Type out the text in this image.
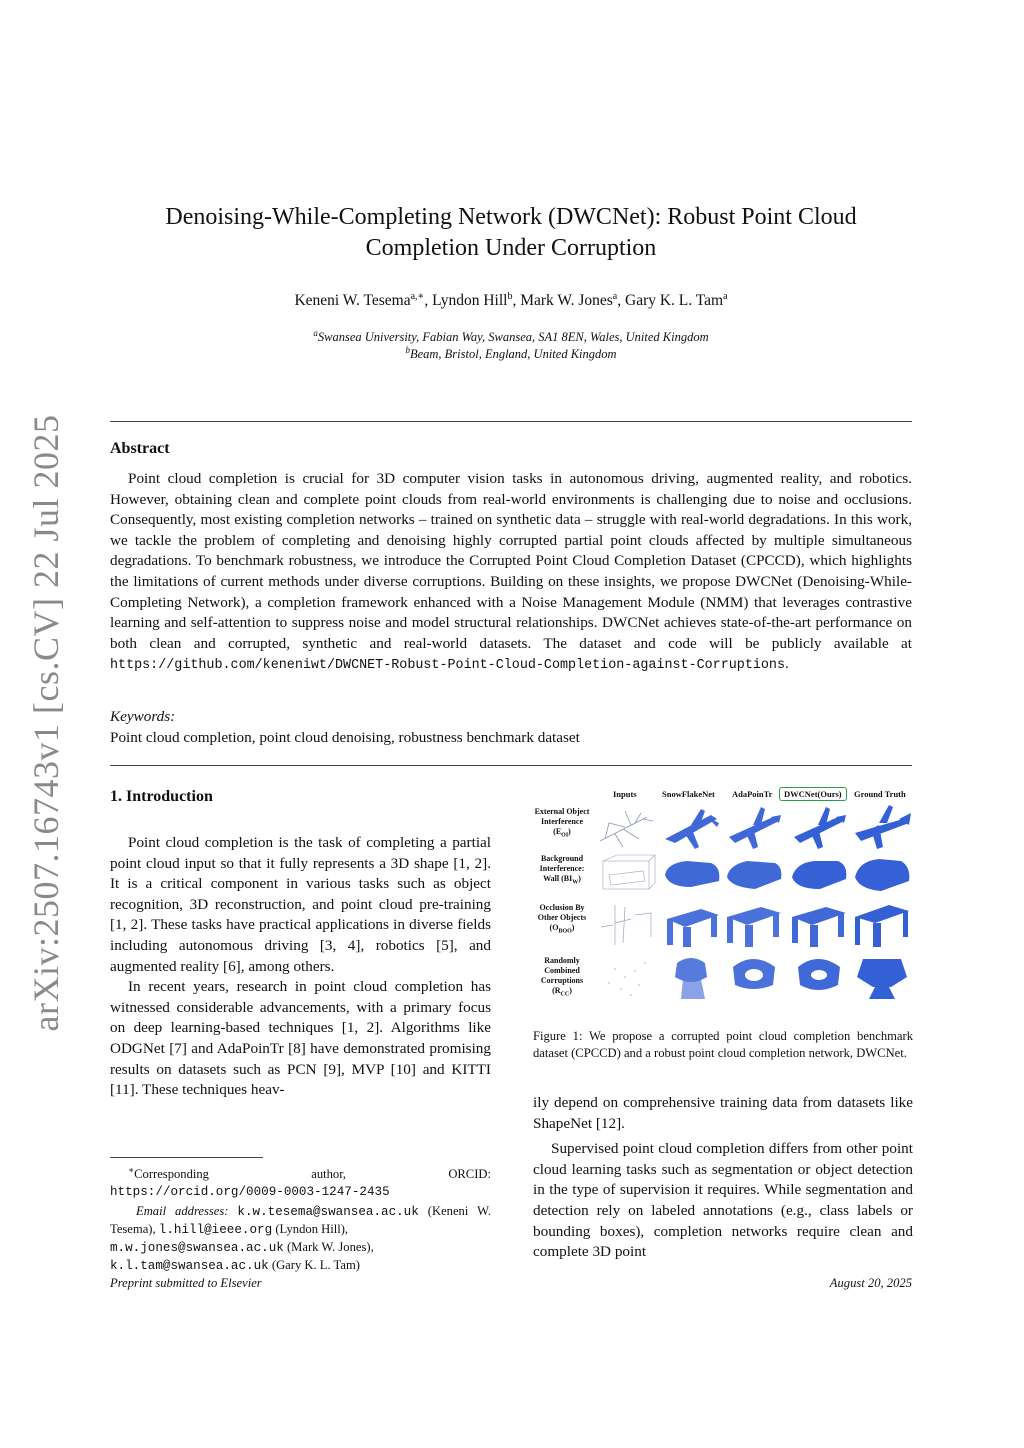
arXiv:2507.16743v1 [cs.CV] 22 Jul 2025
Denoising-While-Completing Network (DWCNet): Robust Point Cloud
Completion Under Corruption
Keneni W. Tesema$^{a,∗}$, Lyndon Hill$^b$, Mark W. Jones$^a$, Gary K. L. Tam$^a$
$^a$Swansea University, Fabian Way, Swansea, SA1 8EN, Wales, United Kingdom
$^b$Beam, Bristol, England, United Kingdom
Abstract

Point cloud completion is crucial for 3D computer vision tasks in autonomous driving, augmented reality, and robotics. However, obtaining clean and complete point clouds from real-world environments is challenging due to noise and occlusions. Consequently, most existing completion networks – trained on synthetic data – struggle with real-world degradations. In this work, we tackle the problem of completing and denoising highly corrupted partial point clouds affected by multiple simultaneous degradations. To benchmark robustness, we introduce the Corrupted Point Cloud Completion Dataset (CPCCD), which highlights the limitations of current methods under diverse corruptions. Building on these insights, we propose DWCNet (Denoising-While-Completing Network), a completion framework enhanced with a Noise Management Module (NMM) that leverages contrastive learning and self-attention to suppress noise and model structural relationships. DWCNet achieves state-of-the-art performance on both clean and corrupted, synthetic and real-world datasets. The dataset and code will be publicly available at https://github.com/keneniwt/DWCNET-Robust-Point-Cloud-Completion-against-Corruptions.

Keywords:
Point cloud completion, point cloud denoising, robustness benchmark dataset
1. Introduction

Point cloud completion is the task of completing a partial point cloud input so that it fully represents a 3D shape [1, 2]. It is a critical component in various tasks such as object recognition, 3D reconstruction, and point cloud pre-training [1, 2]. These tasks have practical applications in diverse fields including autonomous driving [3, 4], robotics [5], and augmented reality [6], among others.

In recent years, research in point cloud completion has witnessed considerable advancements, with a primary focus on deep learning-based techniques [1, 2]. Algorithms like ODGNet [7] and AdaPoinTr [8] have demonstrated promising results on datasets such as PCN [9], MVP [10] and KITTI [11]. These techniques heav-

∗Corresponding author, ORCID: https://orcid.org/0009-0003-1247-2435
Email addresses: k.w.tesema@swansea.ac.uk (Keneni W. Tesema), l.hill@ieee.org (Lyndon Hill),
m.w.jones@swansea.ac.uk (Mark W. Jones),
k.l.tam@swansea.ac.uk (Gary K. L. Tam)
Inputs	SnowFlakeNet AdaPoinTr	DWCNet(Ours)	Ground Truth
External Object Interference $(E_{OI})$
Background Interference: Wall $(BI_W)$
Occlusion By Other Objects $(O_{BOO})$
Randomly Combined Corruptions $(R_{CC})$
Figure 1: We propose a corrupted point cloud completion benchmark dataset (CPCCD) and a robust point cloud completion network, DWCNet.

ily depend on comprehensive training data from datasets like ShapeNet [12].

Supervised point cloud completion differs from other point cloud learning tasks such as segmentation or object detection in the type of supervision it requires. While segmentation and detection rely on labeled annotations (e.g., class labels or bounding boxes), completion networks require clean and complete 3D point

Preprint submitted to Elsevier	August 20, 2025
